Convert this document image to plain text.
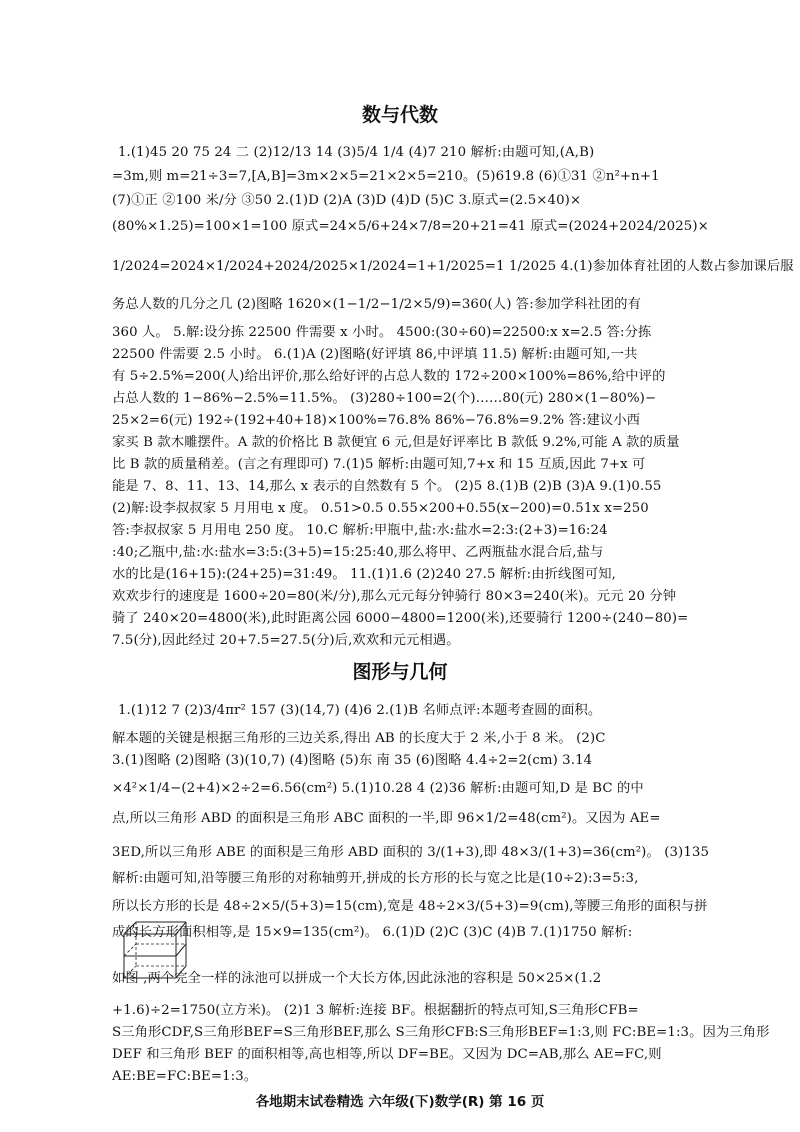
数与代数
1.(1)45 20 75 24 二 (2)12/13 14 (3)5/4 1/4 (4)7 210 解析:由题可知,(A,B)
=3m,则 m=21÷3=7,[A,B]=3m×2×5=21×2×5=210。(5)619.8 (6)①31 ②n²+n+1
(7)①正 ②100 米/分 ③50 2.(1)D (2)A (3)D (4)D (5)C 3.原式=(2.5×40)×
(80%×1.25)=100×1=100 原式=24×5/6+24×7/8=20+21=41 原式=(2024+2024/2025)×
1/2024=2024×1/2024+2024/2025×1/2024=1+1/2025=1 1/2025 4.(1)参加体育社团的人数占参加课后服
务总人数的几分之几 (2)图略 1620×(1−1/2−1/2×5/9)=360(人) 答:参加学科社团的有
360 人。 5.解:设分拣 22500 件需要 x 小时。 4500:(30÷60)=22500:x x=2.5 答:分拣
22500 件需要 2.5 小时。 6.(1)A (2)图略(好评填 86,中评填 11.5) 解析:由题可知,一共
有 5÷2.5%=200(人)给出评价,那么给好评的占总人数的 172÷200×100%=86%,给中评的
占总人数的 1−86%−2.5%=11.5%。 (3)280÷100=2(个)……80(元) 280×(1−80%)−
25×2=6(元) 192÷(192+40+18)×100%=76.8% 86%−76.8%=9.2% 答:建议小西
家买 B 款木雕摆件。A 款的价格比 B 款便宜 6 元,但是好评率比 B 款低 9.2%,可能 A 款的质量
比 B 款的质量稍差。(言之有理即可) 7.(1)5 解析:由题可知,7+x 和 15 互质,因此 7+x 可
能是 7、8、11、13、14,那么 x 表示的自然数有 5 个。 (2)5 8.(1)B (2)B (3)A 9.(1)0.55
(2)解:设李叔叔家 5 月用电 x 度。 0.51>0.5 0.55×200+0.55(x−200)=0.51x x=250
答:李叔叔家 5 月用电 250 度。 10.C 解析:甲瓶中,盐:水:盐水=2:3:(2+3)=16:24
:40;乙瓶中,盐:水:盐水=3:5:(3+5)=15:25:40,那么将甲、乙两瓶盐水混合后,盐与
水的比是(16+15):(24+25)=31:49。 11.(1)1.6 (2)240 27.5 解析:由折线图可知,
欢欢步行的速度是 1600÷20=80(米/分),那么元元每分钟骑行 80×3=240(米)。元元 20 分钟
骑了 240×20=4800(米),此时距离公园 6000−4800=1200(米),还要骑行 1200÷(240−80)=
7.5(分),因此经过 20+7.5=27.5(分)后,欢欢和元元相遇。
图形与几何
1.(1)12 7 (2)3/4πr² 157 (3)(14,7) (4)6 2.(1)B 名师点评:本题考查圆的面积。
解本题的关键是根据三角形的三边关系,得出 AB 的长度大于 2 米,小于 8 米。 (2)C
3.(1)图略 (2)图略 (3)(10,7) (4)图略 (5)东 南 35 (6)图略 4.4÷2=2(cm) 3.14
×4²×1/4−(2+4)×2÷2=6.56(cm²) 5.(1)10.28 4 (2)36 解析:由题可知,D 是 BC 的中
点,所以三角形 ABD 的面积是三角形 ABC 面积的一半,即 96×1/2=48(cm²)。又因为 AE=
3ED,所以三角形 ABE 的面积是三角形 ABD 面积的 3/(1+3),即 48×3/(1+3)=36(cm²)。 (3)135
解析:由题可知,沿等腰三角形的对称轴剪开,拼成的长方形的长与宽之比是(10÷2):3=5:3,
所以长方形的长是 48÷2×5/(5+3)=15(cm),宽是 48÷2×3/(5+3)=9(cm),等腰三角形的面积与拼
成的长方形面积相等,是 15×9=135(cm²)。 6.(1)D (2)C (3)C (4)B 7.(1)1750 解析:
如图 ,两个完全一样的泳池可以拼成一个大长方体,因此泳池的容积是 50×25×(1.2
+1.6)÷2=1750(立方米)。 (2)1 3 解析:连接 BF。根据翻折的特点可知,S三角形CFB=
S三角形CDF,S三角形BEF=S三角形BEF,那么 S三角形CFB:S三角形BEF=1:3,则 FC:BE=1:3。因为三角形
DEF 和三角形 BEF 的面积相等,高也相等,所以 DF=BE。又因为 DC=AB,那么 AE=FC,则
AE:BE=FC:BE=1:3。
各地期末试卷精选 六年级(下)数学(R) 第 16 页
